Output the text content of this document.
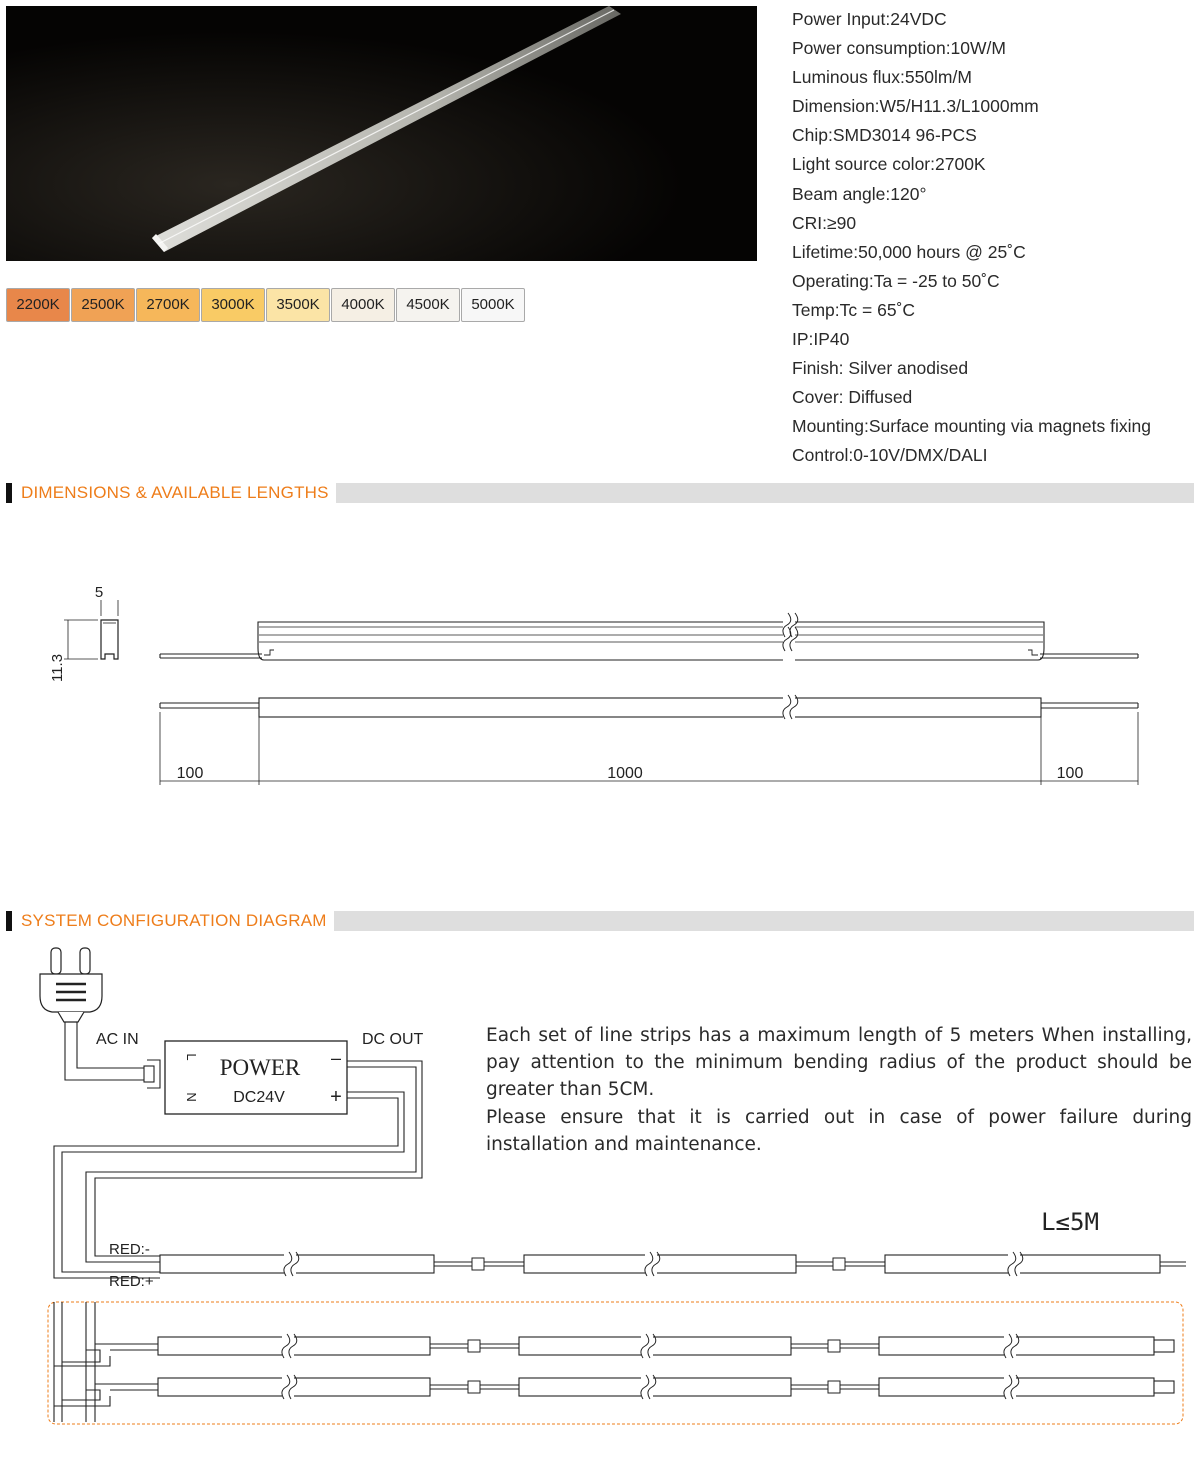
2200K	2500K	2700K	3000K	3500K	4000K	4500K	5000K
Power Input:24VDC
Power consumption:10W/M
Luminous flux:550lm/M
Dimension:W5/H11.3/L1000mm
Chip:SMD3014 96-PCS
Light source color:2700K
Beam angle:120°
CRI:≥90
Lifetime:50,000 hours @ 25˚C
Operating:Ta = -25 to 50˚C
Temp:Tc = 65˚C
IP:IP40
Finish: Silver anodised
Cover: Diffused
Mounting:Surface mounting via magnets fixing
Control:0-10V/DMX/DALI
DIMENSIONS & AVAILABLE LENGTHS
SYSTEM CONFIGURATION DIAGRAM
5
11.3
100	1000	100
AC IN
POWER
DC24V
L
N
–
+
DC OUT
RED:-
RED:+
L≤5M

Each set of line strips has a maximum length of 5 meters When installing, pay attention to the minimum bending radius of the product should be greater than 5CM.

Please ensure that it is carried out in case of power failure during installation and maintenance.
